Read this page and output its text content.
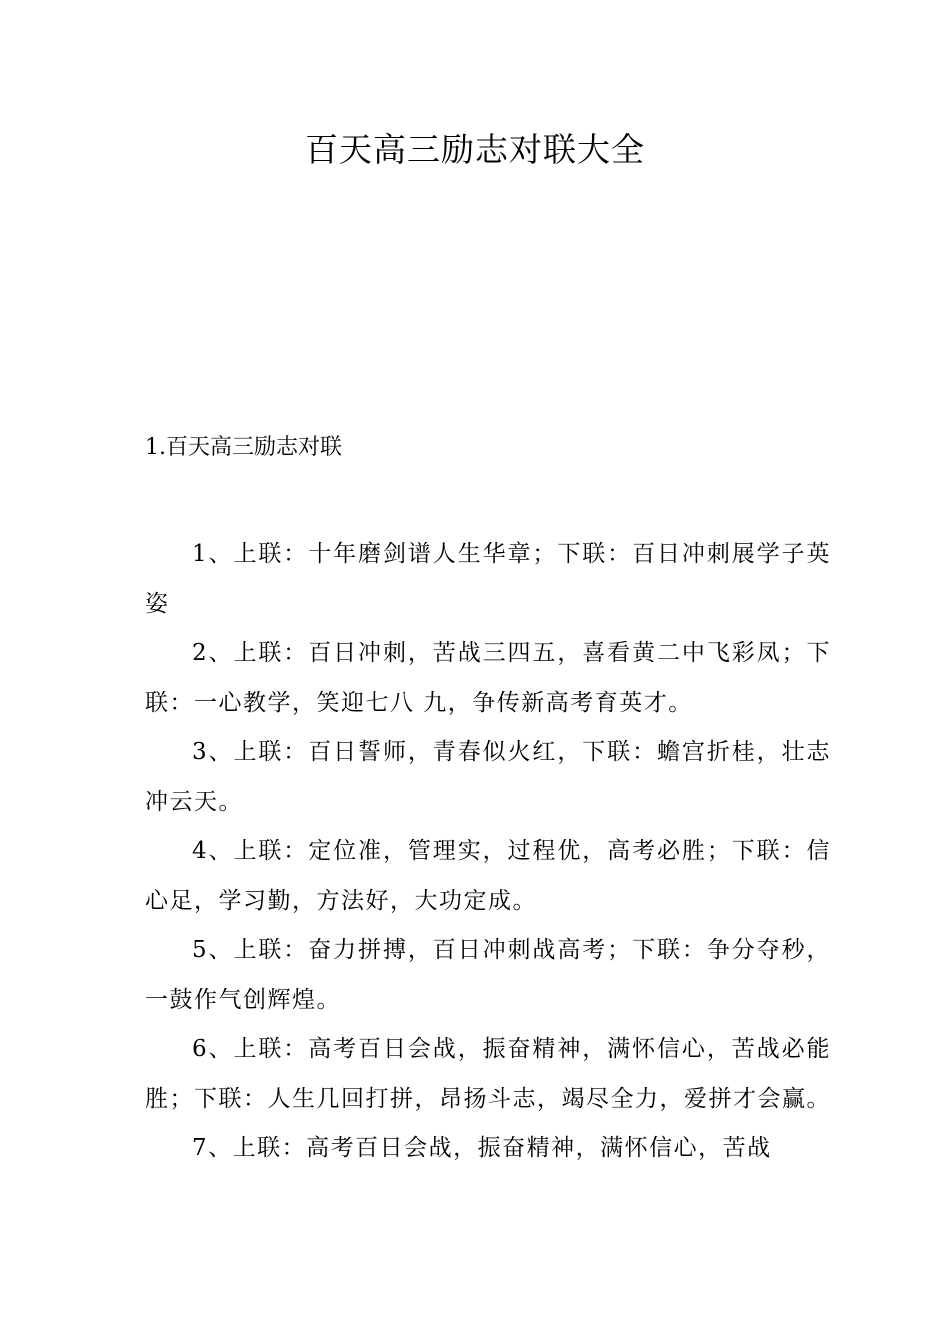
百天高三励志对联大全
1.百天高三励志对联

1、上联：十年磨剑谱人生华章；下联：百日冲刺展学子英姿

2、上联：百日冲刺，苦战三四五，喜看黄二中飞彩凤；下联：一心教学，笑迎七八 九，争传新高考育英才。

3、上联：百日誓师，青春似火红，下联：蟾宫折桂，壮志冲云天。

4、上联：定位准，管理实，过程优，高考必胜；下联：信心足，学习勤，方法好，大功定成。

5、上联：奋力拼搏，百日冲刺战高考；下联：争分夺秒，一鼓作气创辉煌。

6、上联：高考百日会战，振奋精神，满怀信心，苦战必能胜；下联：人生几回打拼，昂扬斗志，竭尽全力，爱拼才会赢。

7、上联：高考百日会战，振奋精神，满怀信心，苦战
